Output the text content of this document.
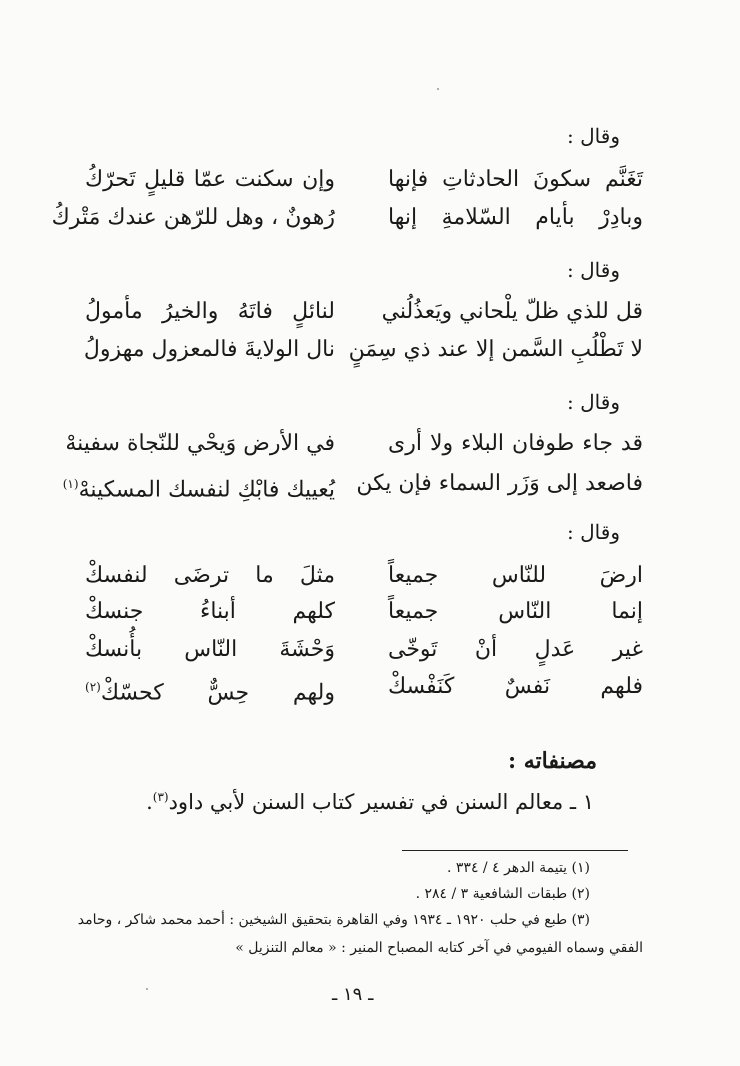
وقال :
تَغَنَّم سكونَ الحادثاتِ فإنها
وإن سكنت عمّا قليلٍ تَحرّكُ
وبادِرْ بأيام السّلامةِ إنها
رُهونٌ ، وهل للرّهن عندك مَتْركُ
وقال :
قل للذي ظلّ يلْحاني ويَعذُلُني
لنائلٍ فاتَهُ والخيرُ مأمولُ
لا تَطْلُبِ السَّمن إلا عند ذي سِمَنٍ
نال الولايةَ فالمعزول مهزولُ
وقال :
قد جاء طوفان البلاء ولا أرى
في الأرض وَيحْي للنّجاة سفينهْ
فاصعد إلى وَزَر السماء فإن يكن
يُعييك فابْكِ لنفسك المسكينهْ$^{(١)}$
وقال :
ارضَ للنّاس جميعاً
مثلَ ما ترضَى لنفسكْ
إنما النّاس جميعاً
كلهم أبناءُ جنسكْ
غير عَدلٍ أنْ تَوخّى
وَحْشَةَ النّاس بأُنسكْ
فلهم نَفسٌ كَنَفْسكْ
ولهم حِسٌّ كحسّكْ$^{(٢)}$
مصنفاته :
١ ـ معالم السنن في تفسير كتاب السنن لأبي داود$^{(٣)}$.
(١) يتيمة الدهر ٤ / ٣٣٤ .
(٢) طبقات الشافعية ٣ / ٢٨٤ .
(٣) طبع في حلب ١٩٢٠ ـ ١٩٣٤ وفي القاهرة بتحقيق الشيخين : أحمد محمد شاكر ، وحامد
الفقي وسماه الفيومي في آخر كتابه المصباح المنير : « معالم التنزيل »
ـ ١٩ ـ
